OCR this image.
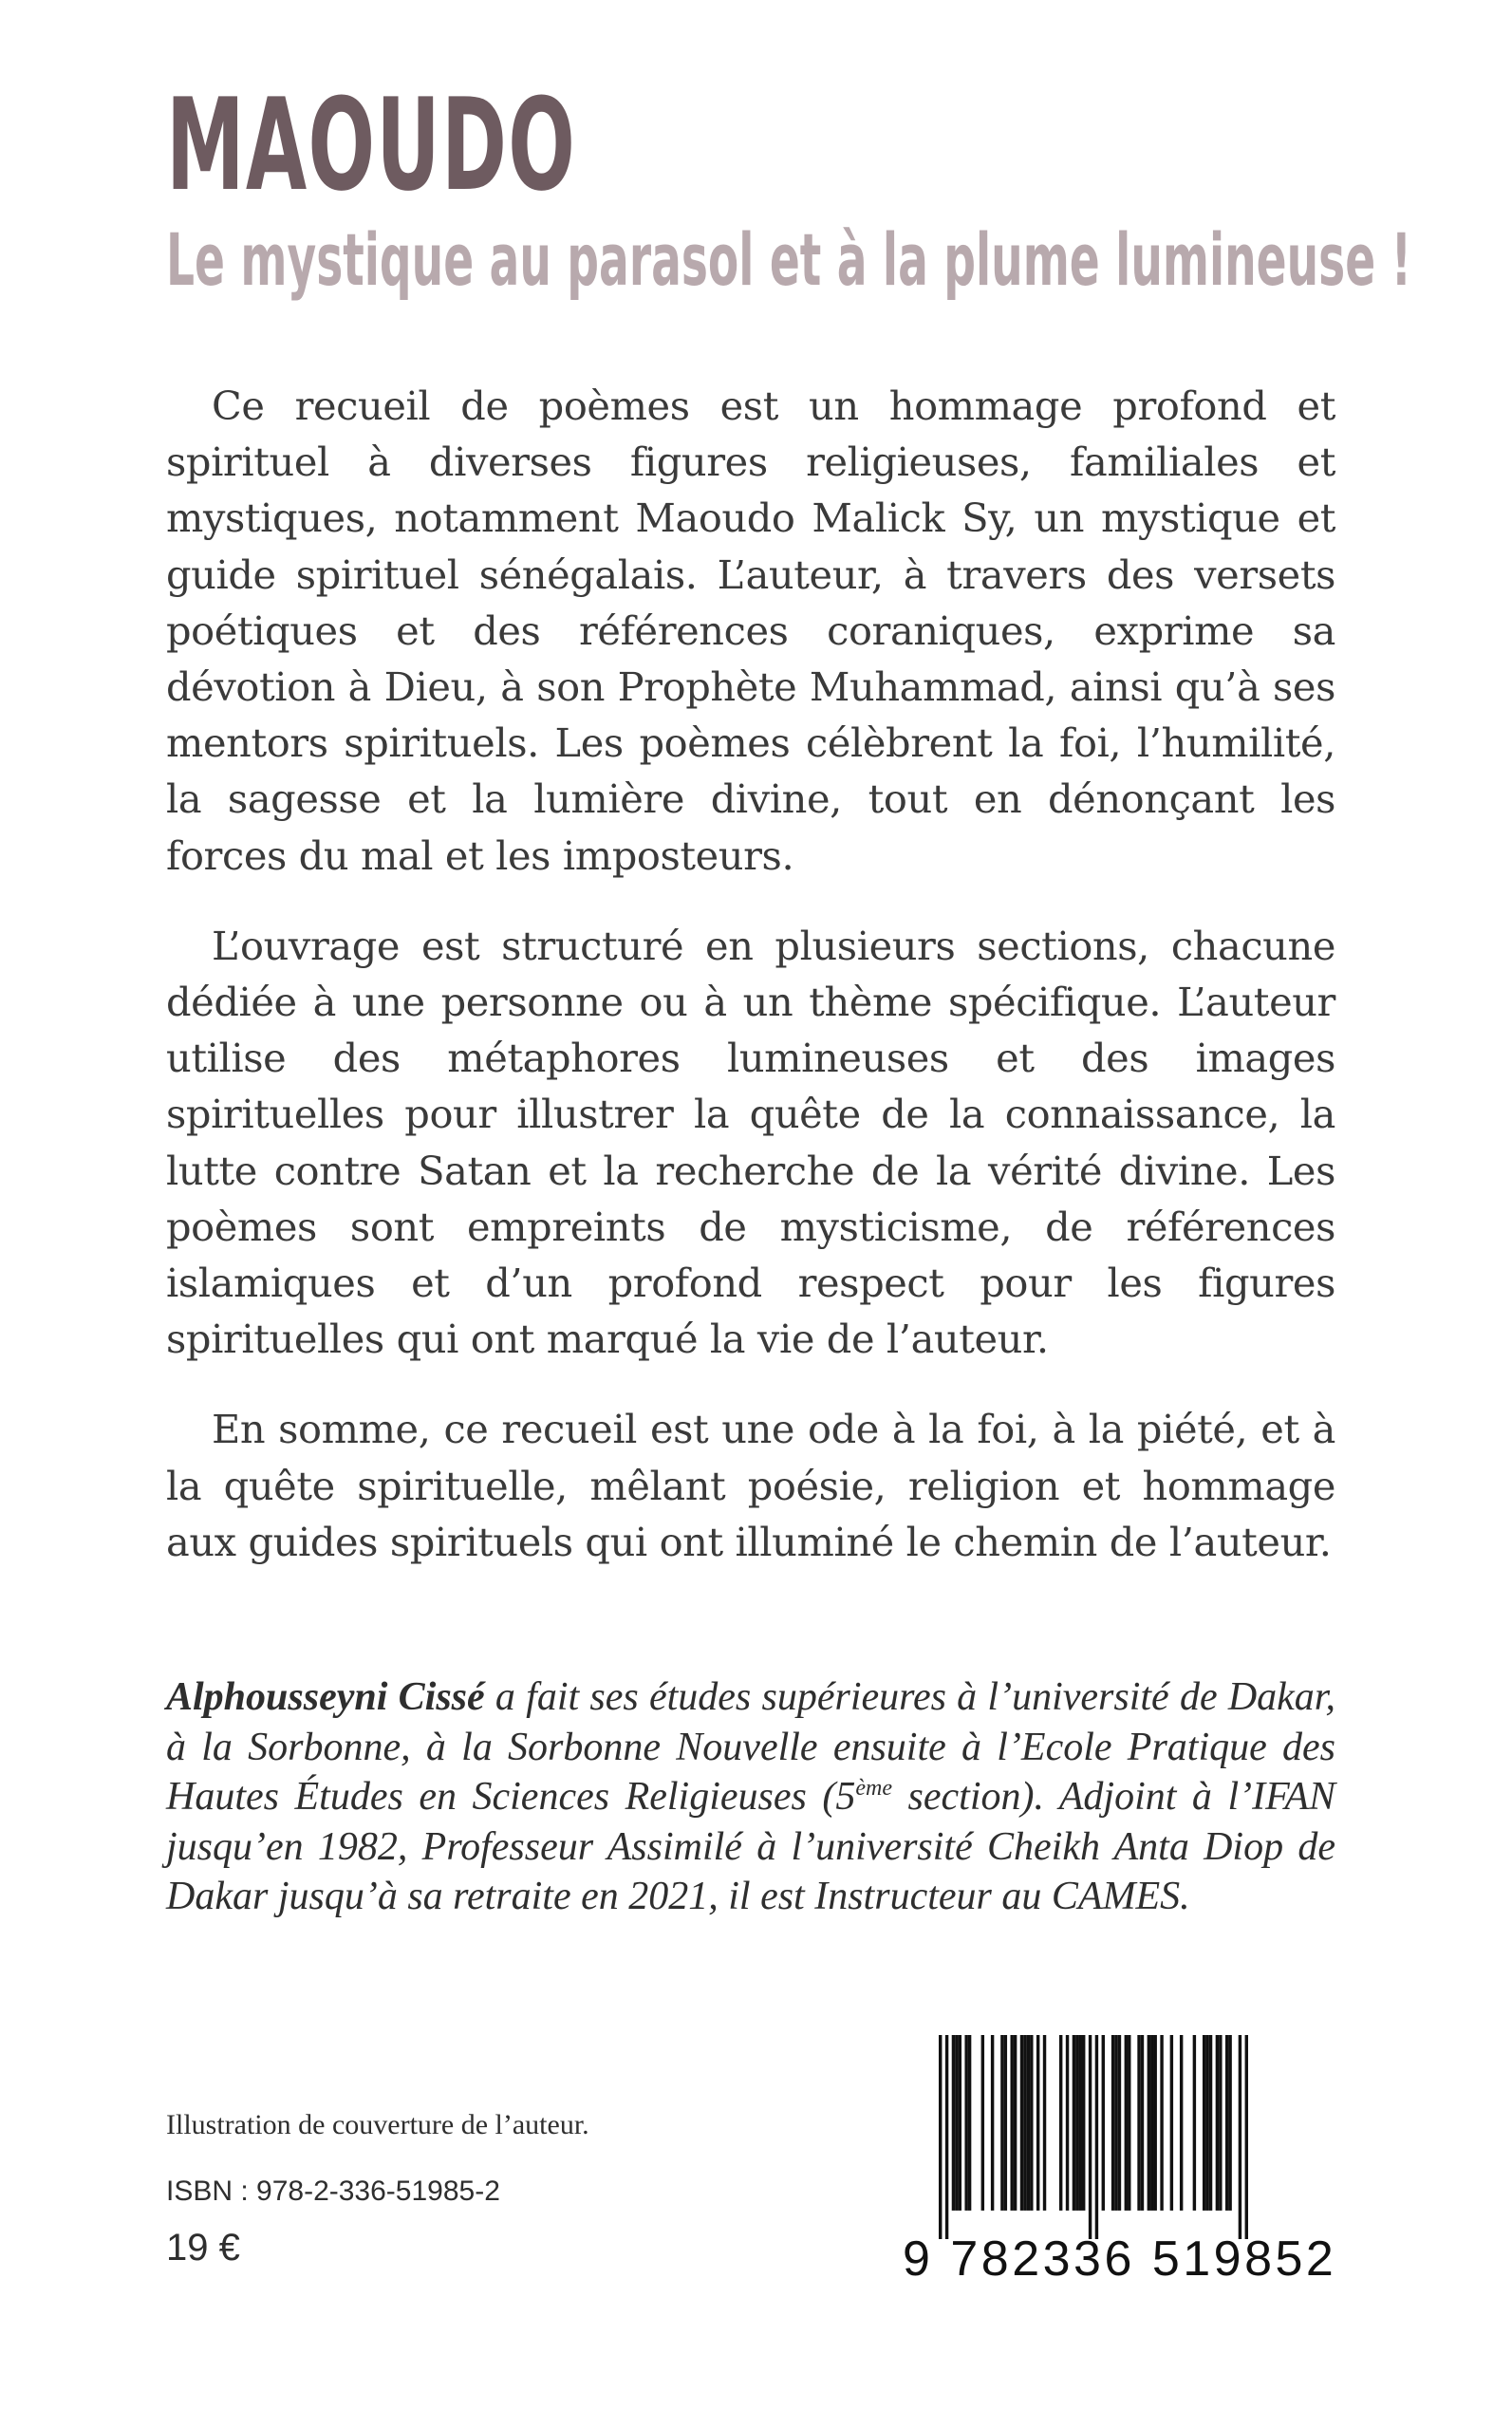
MAOUDO
Le mystique au parasol et à la plume lumineuse !

Ce recueil de poèmes est un hommage profond et spirituel à diverses figures religieuses, familiales et mystiques, notamment Maoudo Malick Sy, un mystique et guide spirituel sénégalais. L’auteur, à travers des versets poétiques et des références coraniques, exprime sa dévotion à Dieu, à son Prophète Muhammad, ainsi qu’à ses mentors spirituels. Les poèmes célèbrent la foi, l’humilité, la sagesse et la lumière divine, tout en dénonçant les forces du mal et les imposteurs.

L’ouvrage est structuré en plusieurs sections, chacune dédiée à une personne ou à un thème spécifique. L’auteur utilise des métaphores lumineuses et des images spirituelles pour illustrer la quête de la connaissance, la lutte contre Satan et la recherche de la vérité divine. Les poèmes sont empreints de mysticisme, de références islamiques et d’un profond respect pour les figures spirituelles qui ont marqué la vie de l’auteur.

En somme, ce recueil est une ode à la foi, à la piété, et à la quête spirituelle, mêlant poésie, religion et hommage aux guides spirituels qui ont illuminé le chemin de l’auteur.

Alphousseyni Cissé a fait ses études supérieures à l’université de Dakar, à la Sorbonne, à la Sorbonne Nouvelle ensuite à l’Ecole Pratique des Hautes Études en Sciences Religieuses (5ème section). Adjoint à l’IFAN jusqu’en 1982, Professeur Assimilé à l’université Cheikh Anta Diop de Dakar jusqu’à sa retraite en 2021, il est Instructeur au CAMES.

Illustration de couverture de l’auteur.

ISBN : 978-2-336-51985-2

19 €	9 782336 519852
